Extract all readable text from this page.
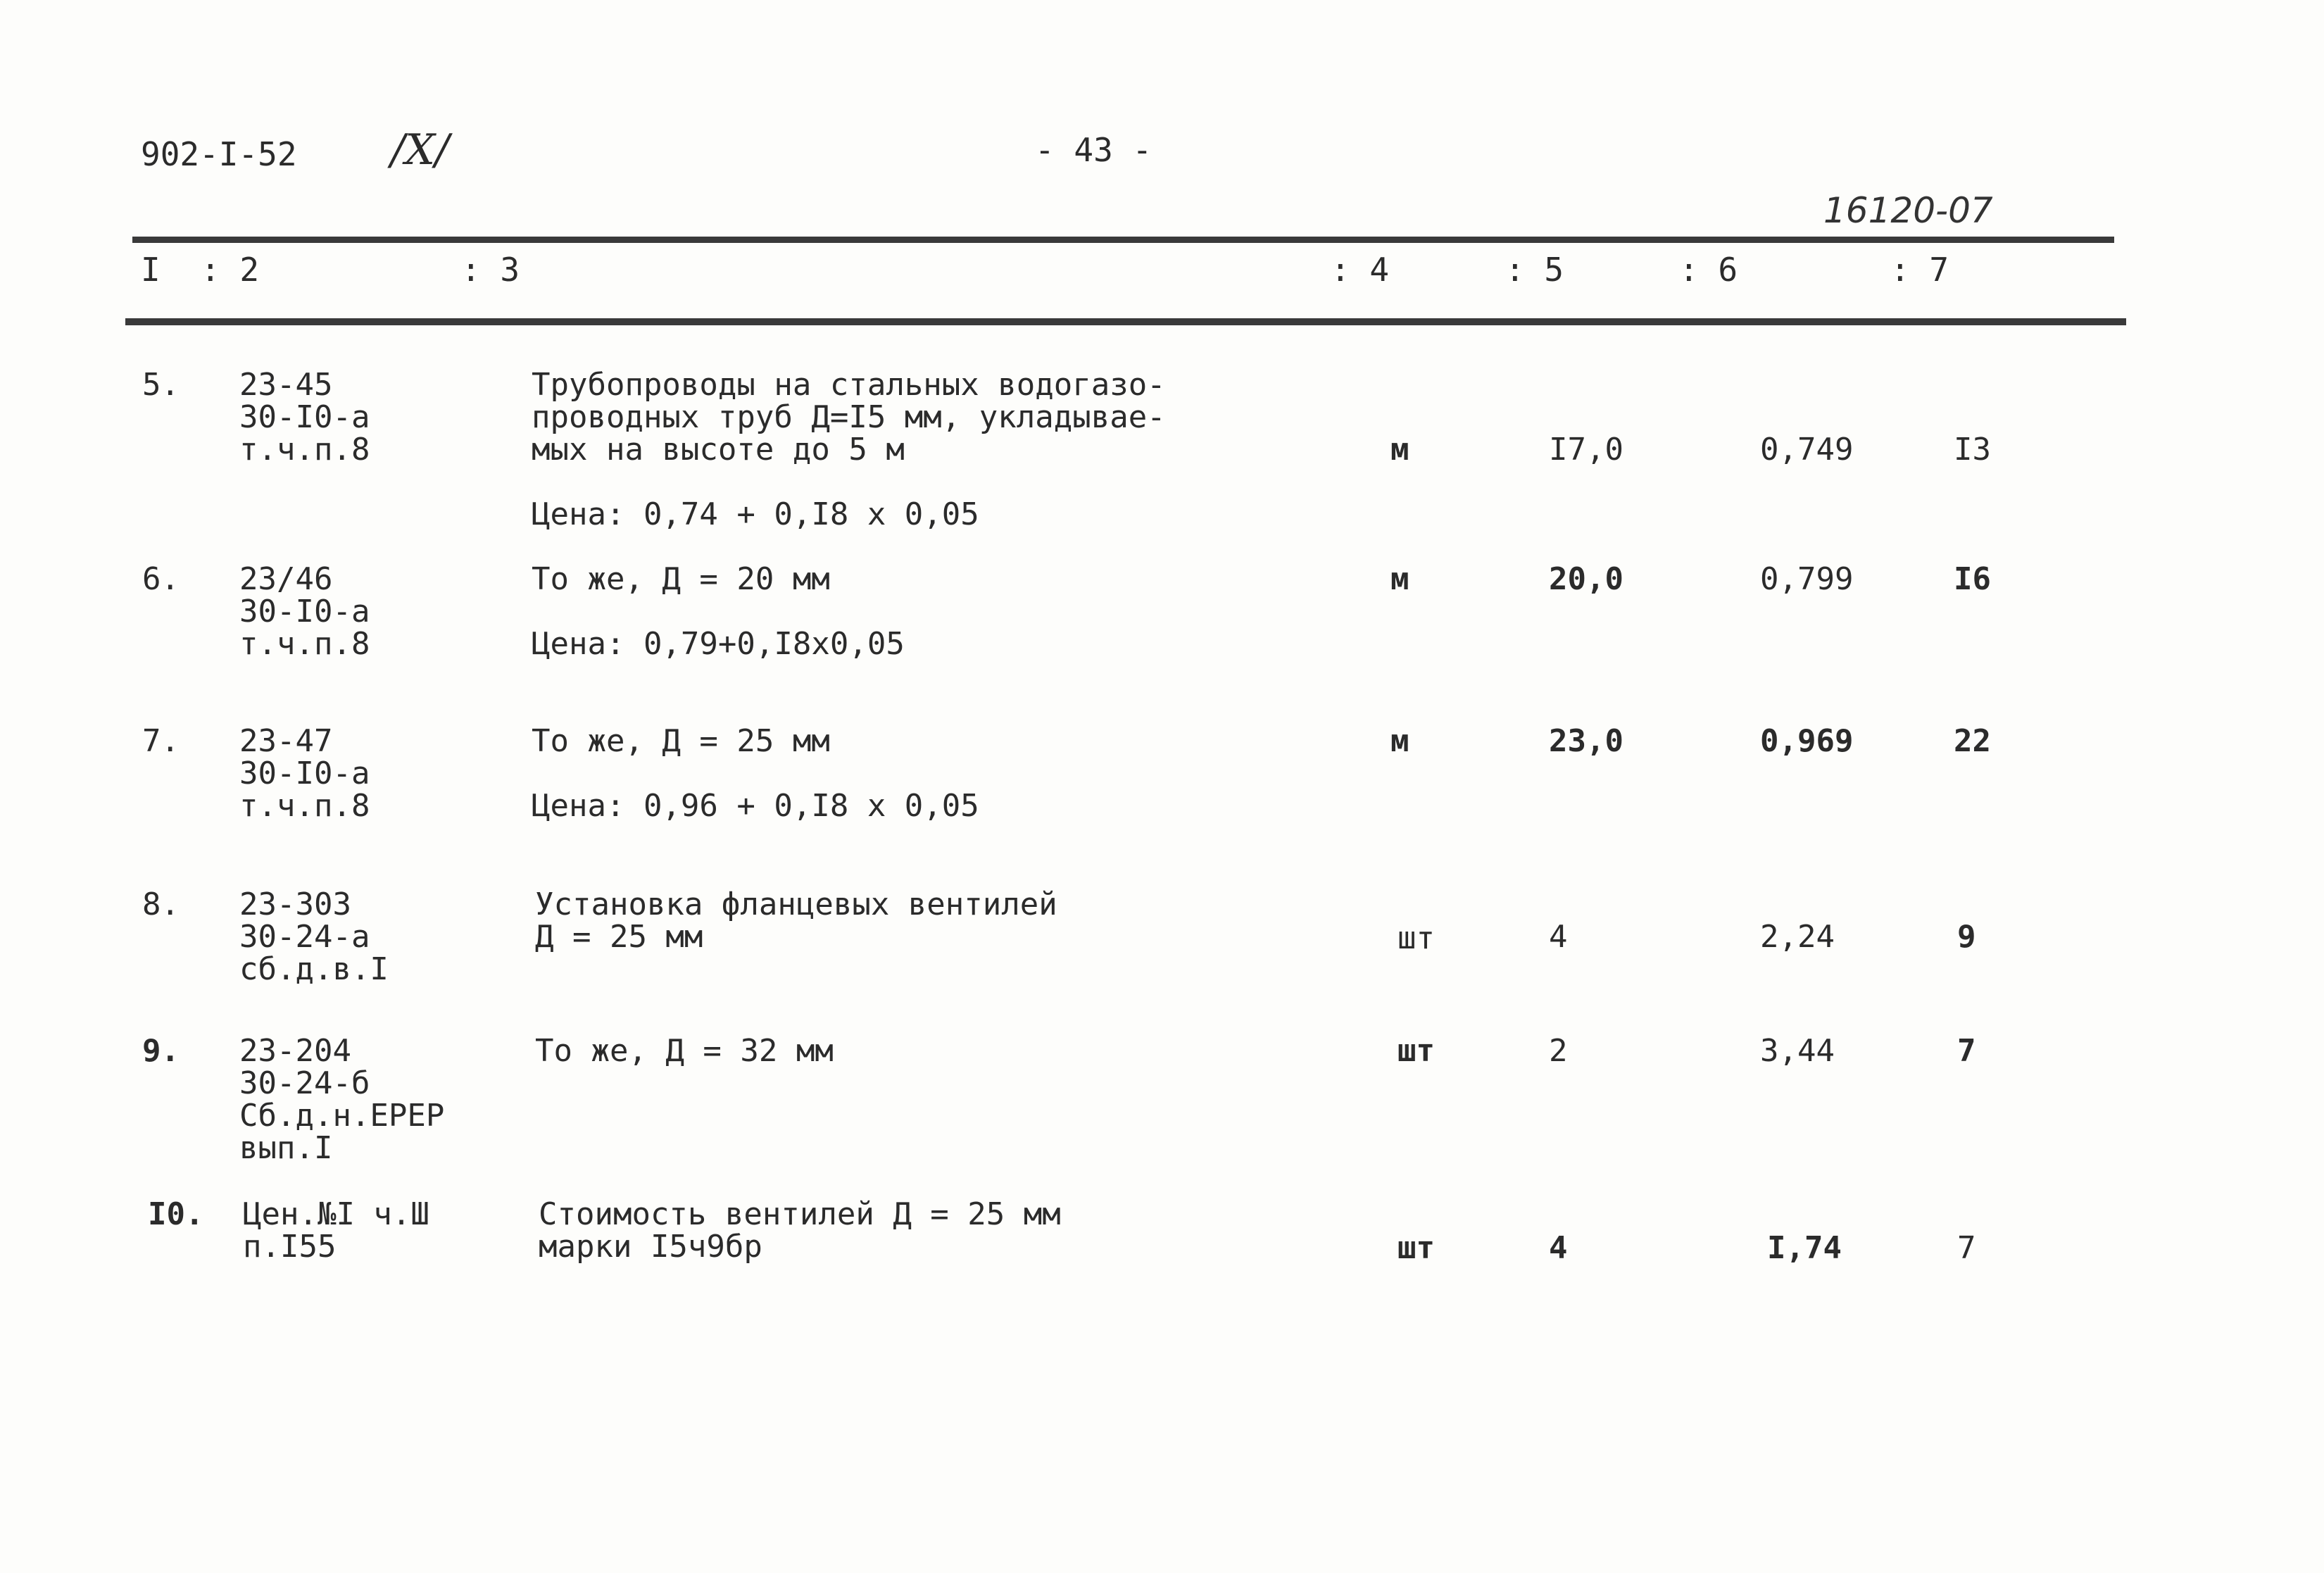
902-I-52 /X/	- 43 -
16120-07
I : 2	: 3	: 4	: 5	: 6	: 7
5. 23-45
30-I0-a
т.ч.п.8
Трубопроводы на стальных водогазо-
проводных труб Д=I5 мм, укладывае-
мых на высоте до 5 м
Цена: 0,74 + 0,I8 x 0,05
м	I7,0	0,749	I3
6. 23/46
30-I0-a
т.ч.п.8
То же, Д = 20 мм
Цена: 0,79+0,I8x0,05
м	20,0	0,799	I6
7. 23-47
30-I0-a
т.ч.п.8
То же, Д = 25 мм
Цена: 0,96 + 0,I8 x 0,05
м	23,0	0,969	22
8. 23-303
30-24-a
сб.д.в.I
Установка фланцевых вентилей
Д = 25 мм	шт	4	2,24	9
9. 23-204
30-24-б
Сб.д.н.ЕРЕР
вып.I
То же, Д = 32 мм	шт	2	3,44	7
I0. Цен.№I ч.Ш
п.I55
Стоимость вентилей Д = 25 мм
марки I5ч9бр	шт	4	I,74	7
